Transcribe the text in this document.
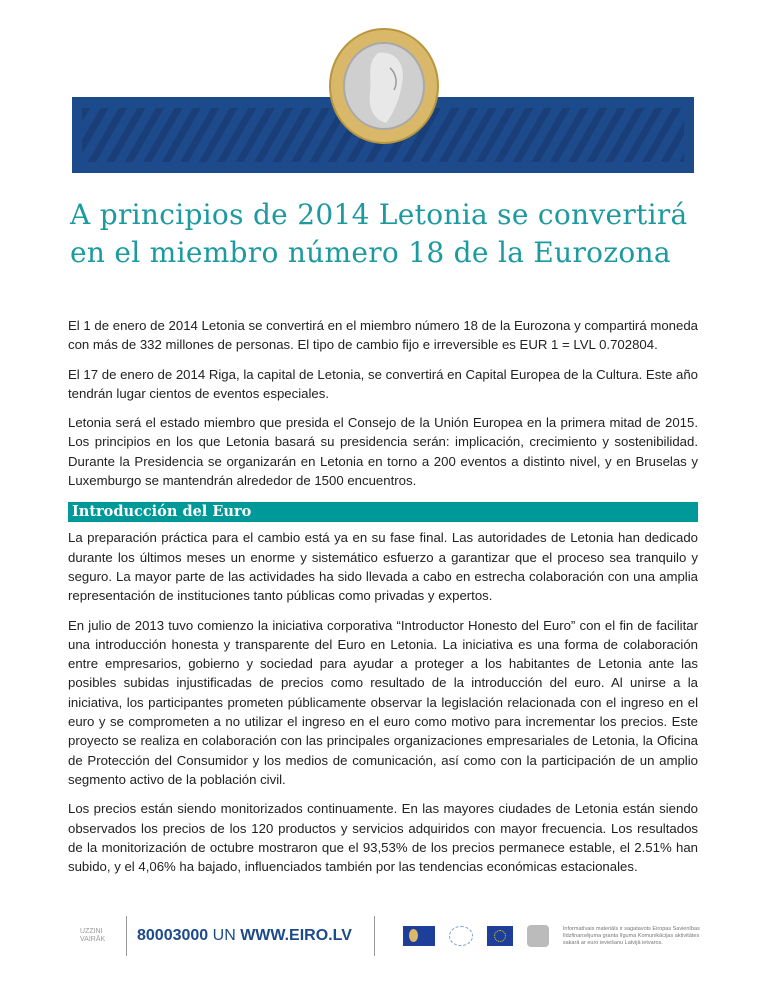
A principios de 2014 Letonia se convertirá en el miembro número 18 de la Eurozona

El 1 de enero de 2014 Letonia se convertirá en el miembro número 18 de la Eurozona y compartirá moneda con más de 332 millones de personas. El tipo de cambio fijo e irreversible es EUR 1 = LVL 0.702804.

El 17 de enero de 2014 Riga, la capital de Letonia, se convertirá en Capital Europea de la Cultura. Este año tendrán lugar cientos de eventos especiales.

Letonia será el estado miembro que presida el Consejo de la Unión Europea en la primera mitad de 2015. Los principios en los que Letonia basará su presidencia serán: implicación, crecimiento y sostenibilidad. Durante la Presidencia se organizarán en Letonia en torno a 200 eventos a distinto nivel, y en Bruselas y Luxemburgo se mantendrán alrededor de 1500 encuentros.

Introducción del Euro

La preparación práctica para el cambio está ya en su fase final. Las autoridades de Letonia han dedicado durante los últimos meses un enorme y sistemático esfuerzo a garantizar que el proceso sea tranquilo y seguro. La mayor parte de las actividades ha sido llevada a cabo en estrecha colaboración con una amplia representación de instituciones tanto públicas como privadas y expertos.

En julio de 2013 tuvo comienzo la iniciativa corporativa “Introductor Honesto del Euro” con el fin de facilitar una introducción honesta y transparente del Euro en Letonia. La iniciativa es una forma de colaboración entre empresarios, gobierno y sociedad para ayudar a proteger a los habitantes de Letonia ante las posibles subidas injustificadas de precios como resultado de la introducción del euro. Al unirse a la iniciativa, los participantes prometen públicamente observar la legislación relacionada con el ingreso en el euro y se comprometen a no utilizar el ingreso en el euro como motivo para incrementar los precios. Este proyecto se realiza en colaboración con las principales organizaciones empresariales de Letonia, la Oficina de Protección del Consumidor y los medios de comunicación, así como con la participación de un amplio segmento activo de la población civil.

Los precios están siendo monitorizados continuamente. En las mayores ciudades de Letonia están siendo observados los precios de los 120 productos y servicios adquiridos con mayor frecuencia. Los resultados de la monitorización de octubre mostraron que el 93,53% de los precios permanece estable, el 2.51% han subido, y el 4,06% ha bajado, influenciados también por las tendencias económicas estacionales.

UZZINI VAIRĀK	80003000 UN WWW.EIRO.LV	Informatīvais materiāls ir sagatavots Eiropas Savienības līdzfinansējuma granta līguma Komunikācijas aktivitātes sakarā ar euro ieviešanu Latvijā ietvaros.
